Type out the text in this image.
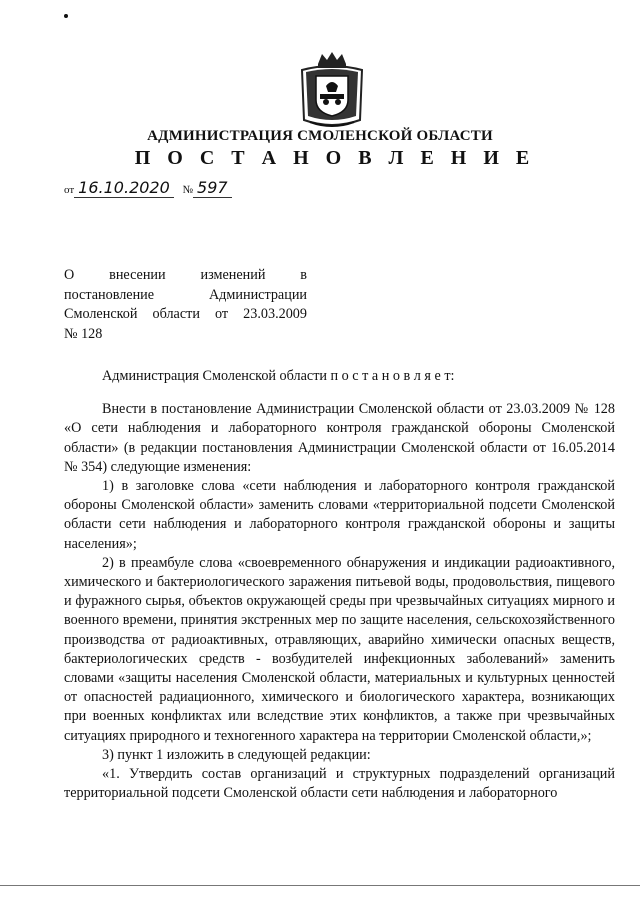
АДМИНИСТРАЦИЯ СМОЛЕНСКОЙ ОБЛАСТИ
П О С Т А Н О В Л Е Н И Е
от 16.10.2020 № 597
О внесении изменений в
постановление Администрации
Смоленской области от 23.03.2009
№ 128

Администрация Смоленской области п о с т а н о в л я е т:

Внести в постановление Администрации Смоленской области от 23.03.2009 № 128 «О сети наблюдения и лабораторного контроля гражданской обороны Смоленской области» (в редакции постановления Администрации Смоленской области от 16.05.2014 № 354) следующие изменения:

1) в заголовке слова «сети наблюдения и лабораторного контроля гражданской обороны Смоленской области» заменить словами «территориальной подсети Смоленской области сети наблюдения и лабораторного контроля гражданской обороны и защиты населения»;

2) в преамбуле слова «своевременного обнаружения и индикации радиоактивного, химического и бактериологического заражения питьевой воды, продовольствия, пищевого и фуражного сырья, объектов окружающей среды при чрезвычайных ситуациях мирного и военного времени, принятия экстренных мер по защите населения, сельскохозяйственного производства от радиоактивных, отравляющих, аварийно химически опасных веществ, бактериологических средств - возбудителей инфекционных заболеваний» заменить словами «защиты населения Смоленской области, материальных и культурных ценностей от опасностей радиационного, химического и биологического характера, возникающих при военных конфликтах или вследствие этих конфликтов, а также при чрезвычайных ситуациях природного и техногенного характера на территории Смоленской области,»;

3) пункт 1 изложить в следующей редакции:

«1. Утвердить состав организаций и структурных подразделений организаций территориальной подсети Смоленской области сети наблюдения и лабораторного
